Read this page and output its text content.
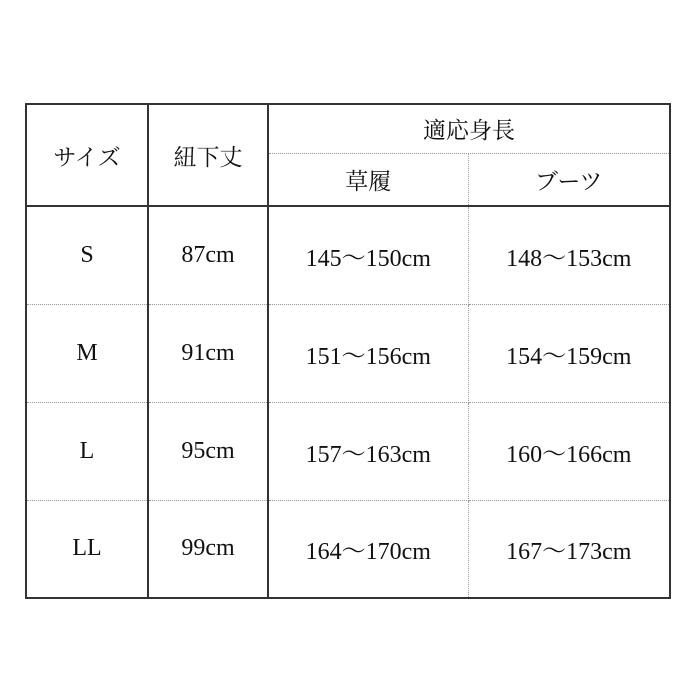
サイズ	紐下丈	適応身長	
		草履	ブーツ
S	87cm	145〜150cm	148〜153cm
M	91cm	151〜156cm	154〜159cm
L	95cm	157〜163cm	160〜166cm
LL	99cm	164〜170cm	167〜173cm
